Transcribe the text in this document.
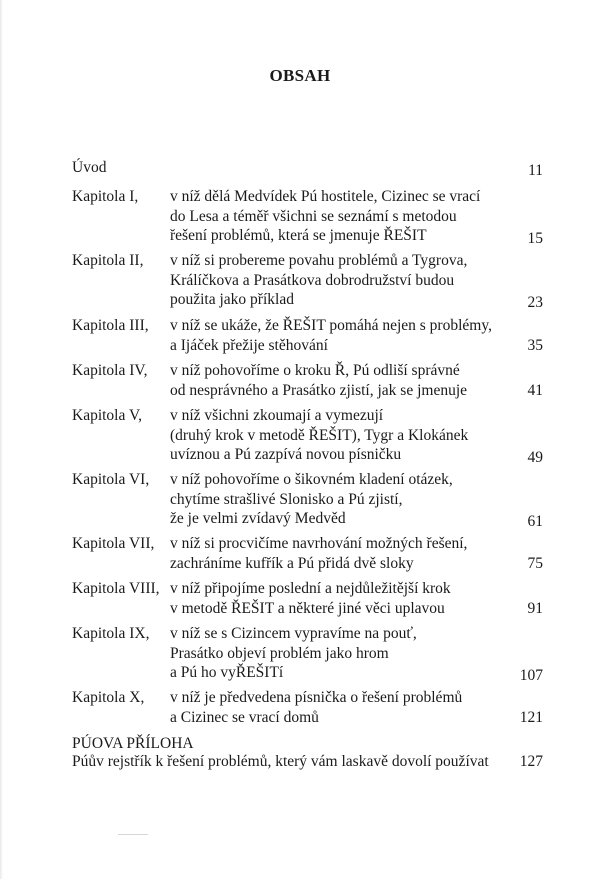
OBSAH
Úvod	11
Kapitola I, v níž dělá Medvídek Pú hostitele, Cizinec se vrací
do Lesa a téměř všichni se seznámí s metodou
řešení problémů, která se jmenuje ŘEŠIT	15
Kapitola II, v níž si probereme povahu problémů a Tygrova,
Králíčkova a Prasátkova dobrodružství budou
použita jako příklad	23
Kapitola III, v níž se ukáže, že ŘEŠIT pomáhá nejen s problémy,
a Ijáček přežije stěhování	35
Kapitola IV, v níž pohovoříme o kroku Ř, Pú odliší správné
od nesprávného a Prasátko zjistí, jak se jmenuje	41
Kapitola V, v níž všichni zkoumají a vymezují
(druhý krok v metodě ŘEŠIT), Tygr a Klokánek
uvíznou a Pú zazpívá novou písničku	49
Kapitola VI, v níž pohovoříme o šikovném kladení otázek,
chytíme strašlivé Slonisko a Pú zjistí,
že je velmi zvídavý Medvěd	61
Kapitola VII, v níž si procvičíme navrhování možných řešení,
zachráníme kufřík a Pú přidá dvě sloky	75
Kapitola VIII, v níž připojíme poslední a nejdůležitější krok
v metodě ŘEŠIT a některé jiné věci uplavou	91
Kapitola IX, v níž se s Cizincem vypravíme na pouť,
Prasátko objeví problém jako hrom
a Pú ho vyŘEŠITí	107
Kapitola X, v níž je předvedena písnička o řešení problémů
a Cizinec se vrací domů	121
PÚOVA PŘÍLOHA
Púův rejstřík k řešení problémů, který vám laskavě dovolí používat 127
